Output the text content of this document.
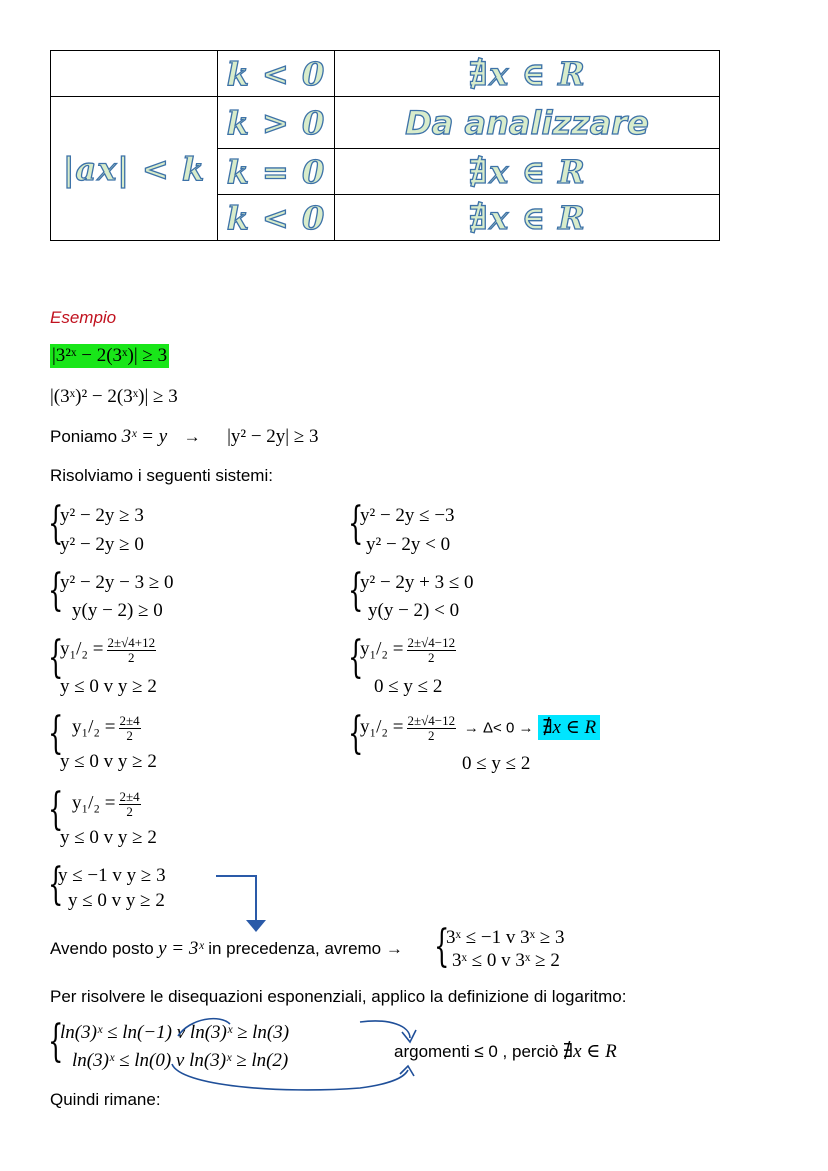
	k < 0	∄x ∈ R
|ax| < k	k > 0	Da analizzare
	k = 0	∄x ∈ R
	k < 0	∄x ∈ R
Esempio
|3²ˣ − 2(3ˣ)| ≥ 3
|(3ˣ)² − 2(3ˣ)| ≥ 3
Poniamo 3ˣ = y → |y² − 2y| ≥ 3
Risolviamo i seguenti sistemi:
{
y² − 2y ≥ 3
y² − 2y ≥ 0	{
y² − 2y ≤ −3
y² − 2y < 0
{
y² − 2y − 3 ≥ 0
y(y − 2) ≥ 0	{
y² − 2y + 3 ≤ 0
y(y − 2) < 0
{
$y_1/_2 = \frac{2\pm√4+12}{2}$
y ≤ 0 v y ≥ 2
{
$y_1/_2 = \frac{2\pm√4-12}{2}$
0 ≤ y ≤ 2
{ $y_1/_2 = \frac{2\pm 4}{2}$
y ≤ 0 v y ≥ 2
{
$y_1/_2 = \frac{2\pm√4-12}{2} \to \Delta< 0$ → ∄x ∈ R
0 ≤ y ≤ 2
{ $y_1/_2 = \frac{2\pm 4}{2}$
y ≤ 0 v y ≥ 2
{
y ≤ −1 v y ≥ 3
y ≤ 0 v y ≥ 2
Avendo posto y = 3ˣ in precedenza, avremo → {
3ˣ ≤ −1 v 3ˣ ≥ 3
3ˣ ≤ 0 v 3ˣ ≥ 2
Per risolvere le disequazioni esponenziali, applico la definizione di logaritmo:
{
ln(3)ˣ ≤ ln(−1) v ln(3)ˣ ≥ ln(3)
ln(3)ˣ ≤ ln(0) v ln(3)ˣ ≥ ln(2)	argomenti ≤ 0 , perciò ∄x ∈ R
Quindi rimane:
